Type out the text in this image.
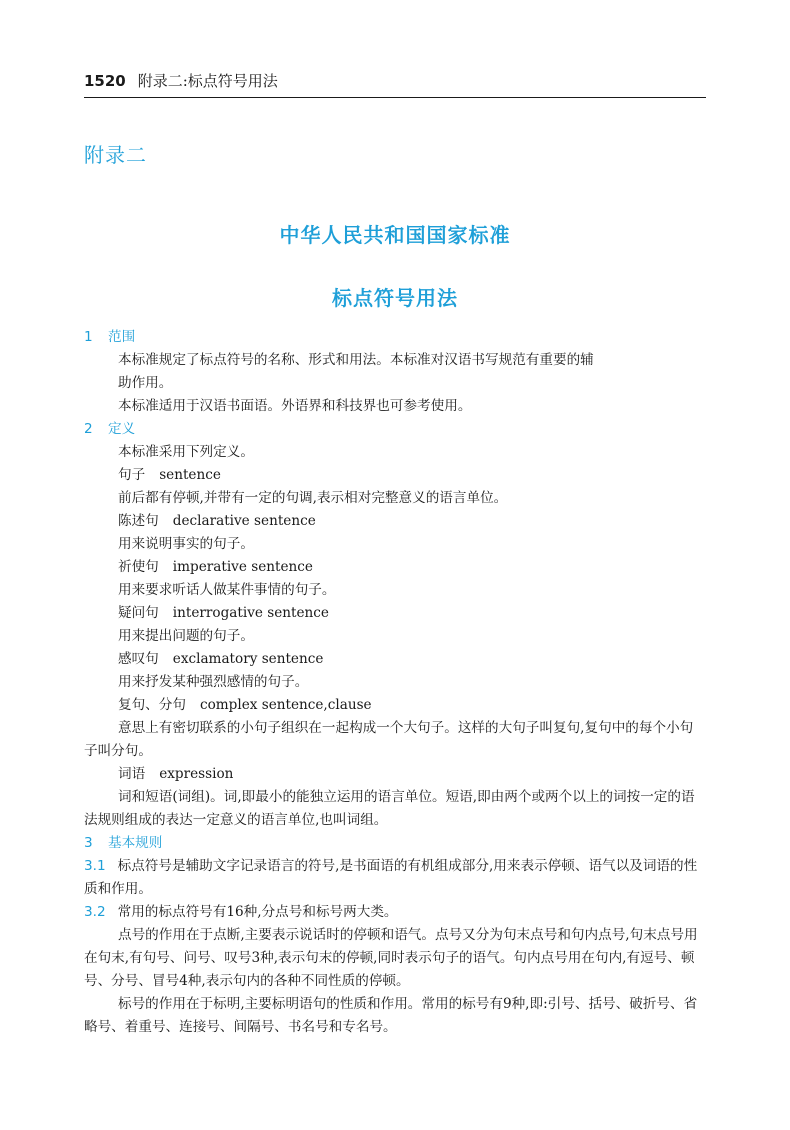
1520 附录二:标点符号用法
附录二
中华人民共和国国家标准
标点符号用法

1 范围

本标准规定了标点符号的名称、形式和用法。本标准对汉语书写规范有重要的辅

助作用。

本标准适用于汉语书面语。外语界和科技界也可参考使用。

2 定义

本标准采用下列定义。

句子 sentence

前后都有停顿,并带有一定的句调,表示相对完整意义的语言单位。

陈述句 declarative sentence

用来说明事实的句子。

祈使句 imperative sentence

用来要求听话人做某件事情的句子。

疑问句 interrogative sentence

用来提出问题的句子。

感叹句 exclamatory sentence

用来抒发某种强烈感情的句子。

复句、分句 complex sentence,clause

意思上有密切联系的小句子组织在一起构成一个大句子。这样的大句子叫复句,复句中的每个小句子叫分句。

词语 expression

词和短语(词组)。词,即最小的能独立运用的语言单位。短语,即由两个或两个以上的词按一定的语法规则组成的表达一定意义的语言单位,也叫词组。

3 基本规则

3.1 标点符号是辅助文字记录语言的符号,是书面语的有机组成部分,用来表示停顿、语气以及词语的性质和作用。

3.2 常用的标点符号有16种,分点号和标号两大类。

点号的作用在于点断,主要表示说话时的停顿和语气。点号又分为句末点号和句内点号,句末点号用在句末,有句号、问号、叹号3种,表示句末的停顿,同时表示句子的语气。句内点号用在句内,有逗号、顿号、分号、冒号4种,表示句内的各种不同性质的停顿。

标号的作用在于标明,主要标明语句的性质和作用。常用的标号有9种,即:引号、括号、破折号、省略号、着重号、连接号、间隔号、书名号和专名号。
